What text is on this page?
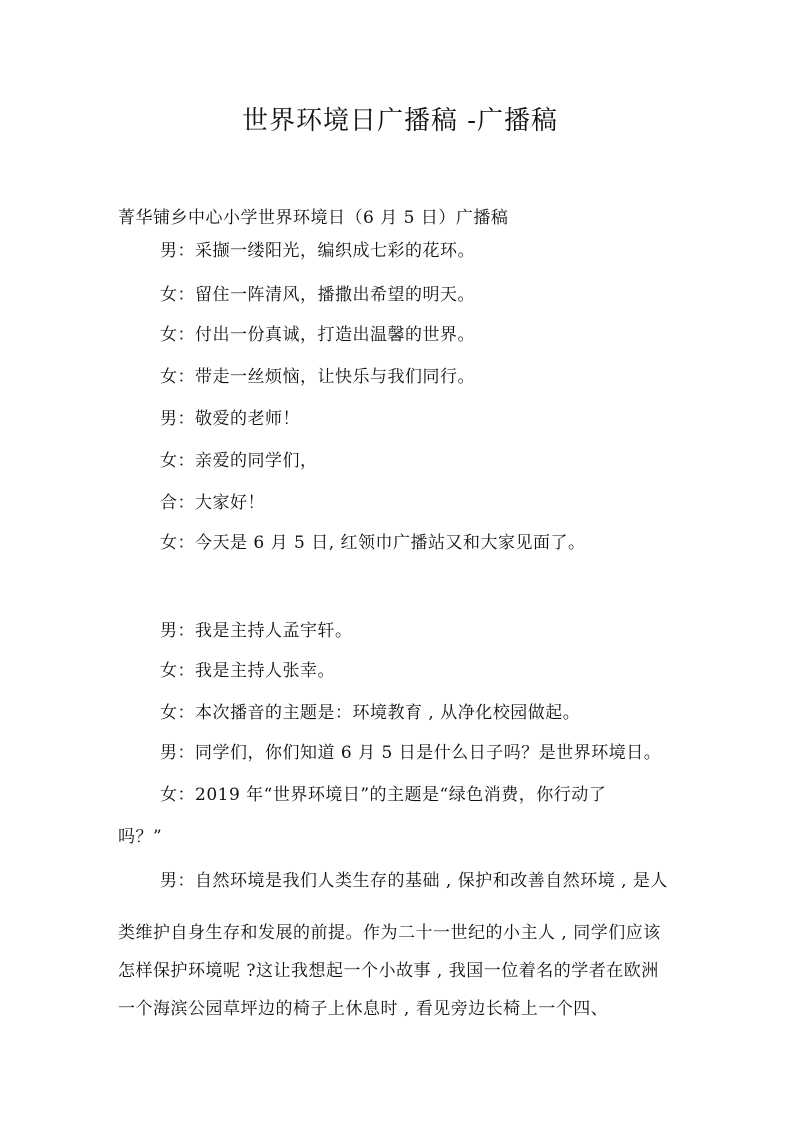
世界环境日广播稿 -广播稿
菁华铺乡中心小学世界环境日（6 月 5 日）广播稿
男：采撷一缕阳光，编织成七彩的花环。
女：留住一阵清风，播撒出希望的明天。
女：付出一份真诚，打造出温馨的世界。
女：带走一丝烦恼，让快乐与我们同行。
男：敬爱的老师！
女：亲爱的同学们，
合：大家好！
女：今天是 6 月 5 日, 红领巾广播站又和大家见面了。
男：我是主持人孟宇轩。
女：我是主持人张幸。
女：本次播音的主题是：环境教育 , 从净化校园做起。
男：同学们，你们知道 6 月 5 日是什么日子吗？是世界环境日。
女：2019 年“世界环境日”的主题是“绿色消费，你行动了
吗？”
男：自然环境是我们人类生存的基础 , 保护和改善自然环境 , 是人
类维护自身生存和发展的前提。作为二十一世纪的小主人 , 同学们应该
怎样保护环境呢 ?这让我想起一个小故事 , 我国一位着名的学者在欧洲
一个海滨公园草坪边的椅子上休息时 , 看见旁边长椅上一个四、
